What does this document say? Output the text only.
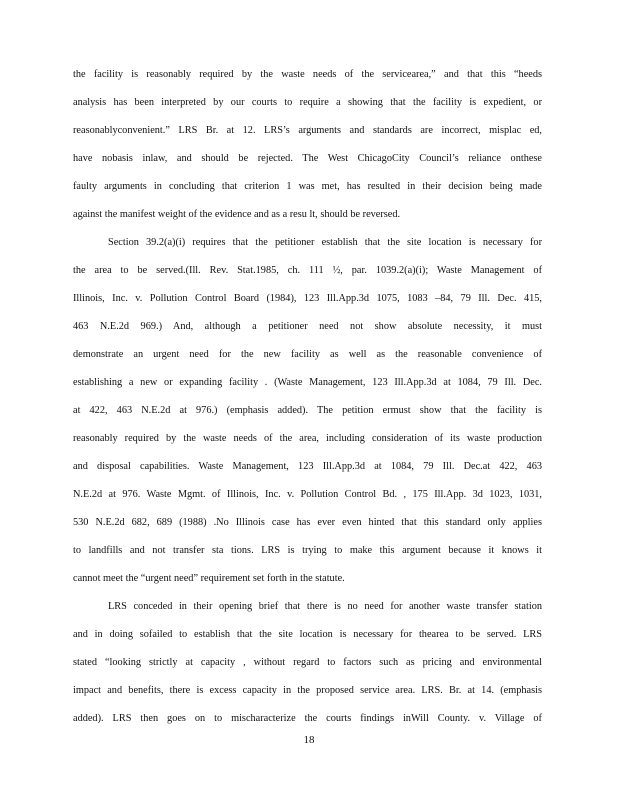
the facility is reasonably required by the waste needs of the servicearea,” and that this “heeds
analysis has been interpreted by our courts to require a showing that the facility is expedient, or
reasonablyconvenient.” LRS Br. at 12. LRS’s arguments and standards are incorrect, misplac ed,
have nobasis inlaw, and should be rejected. The West ChicagoCity Council’s reliance onthese
faulty arguments in concluding that criterion 1 was met, has resulted in their decision being made
against the manifest weight of the evidence and as a resu lt, should be reversed.
Section 39.2(a)(i) requires that the petitioner establish that the site location is necessary for
the area to be served.(Ill. Rev. Stat.1985, ch. 111 ½, par. 1039.2(a)(i); Waste Management of
Illinois, Inc. v. Pollution Control Board (1984), 123 Ill.App.3d 1075, 1083 –84, 79 Ill. Dec. 415,
463 N.E.2d 969.) And, although a petitioner need not show absolute necessity, it must
demonstrate an urgent need for the new facility as well as the reasonable convenience of
establishing a new or expanding facility . (Waste Management, 123 Ill.App.3d at 1084, 79 Ill. Dec.
at 422, 463 N.E.2d at 976.) (emphasis added). The petition ermust show that the facility is
reasonably required by the waste needs of the area, including consideration of its waste production
and disposal capabilities. Waste Management, 123 Ill.App.3d at 1084, 79 Ill. Dec.at 422, 463
N.E.2d at 976. Waste Mgmt. of Illinois, Inc. v. Pollution Control Bd. , 175 Ill.App. 3d 1023, 1031,
530 N.E.2d 682, 689 (1988) .No Illinois case has ever even hinted that this standard only applies
to landfills and not transfer sta tions. LRS is trying to make this argument because it knows it
cannot meet the “urgent need” requirement set forth in the statute.
LRS conceded in their opening brief that there is no need for another waste transfer station
and in doing sofailed to establish that the site location is necessary for thearea to be served. LRS
stated “looking strictly at capacity , without regard to factors such as pricing and environmental
impact and benefits, there is excess capacity in the proposed service area. LRS. Br. at 14. (emphasis
added). LRS then goes on to mischaracterize the courts findings inWill County. v. Village of
18
